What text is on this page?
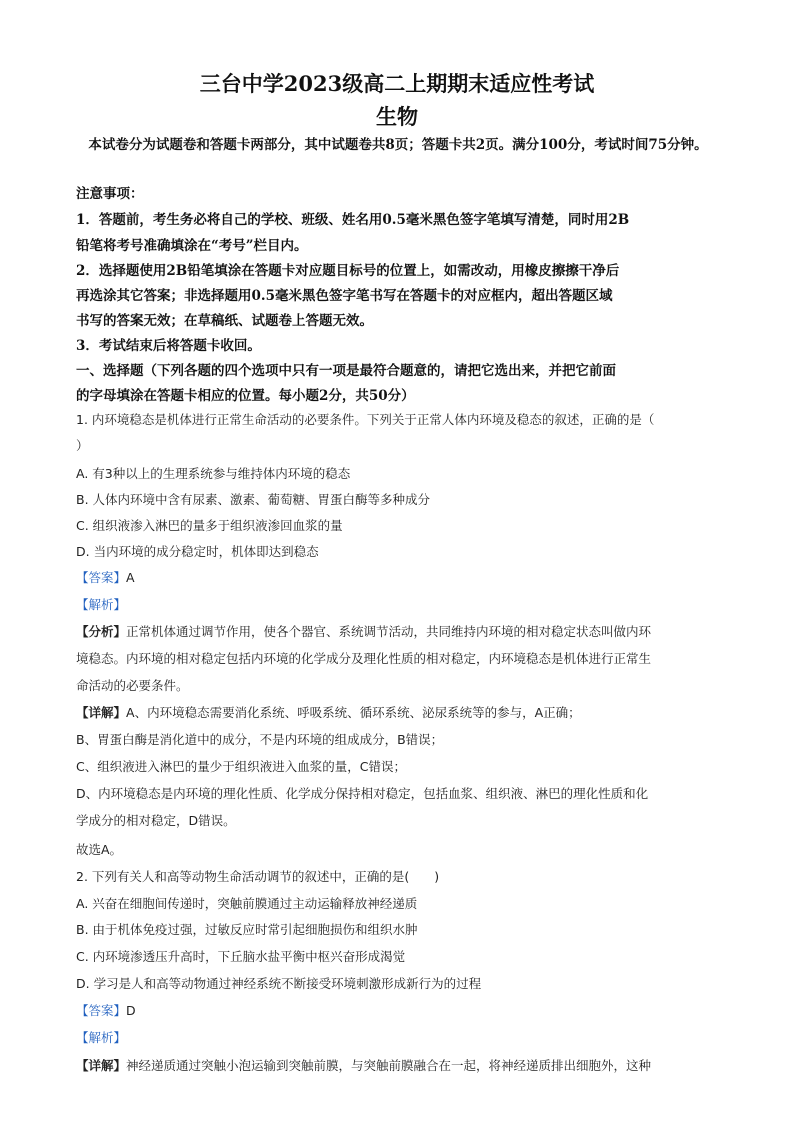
三台中学2023级高二上期期末适应性考试
生物
本试卷分为试题卷和答题卡两部分，其中试题卷共8页；答题卡共2页。满分100分，考试时间75分钟。
注意事项：
1．答题前，考生务必将自己的学校、班级、姓名用0.5毫米黑色签字笔填写清楚，同时用2B
铅笔将考号准确填涂在“考号”栏目内。
2．选择题使用2B铅笔填涂在答题卡对应题目标号的位置上，如需改动，用橡皮擦擦干净后
再选涂其它答案；非选择题用0.5毫米黑色签字笔书写在答题卡的对应框内，超出答题区域
书写的答案无效；在草稿纸、试题卷上答题无效。
3．考试结束后将答题卡收回。
一、选择题（下列各题的四个选项中只有一项是最符合题意的，请把它选出来，并把它前面
的字母填涂在答题卡相应的位置。每小题2分，共50分）
1. 内环境稳态是机体进行正常生命活动的必要条件。下列关于正常人体内环境及稳态的叙述，正确的是（
）
A. 有3种以上的生理系统参与维持体内环境的稳态
B. 人体内环境中含有尿素、激素、葡萄糖、胃蛋白酶等多种成分
C. 组织液渗入淋巴的量多于组织液渗回血浆的量
D. 当内环境的成分稳定时，机体即达到稳态
【答案】A
【解析】
【分析】正常机体通过调节作用，使各个器官、系统调节活动，共同维持内环境的相对稳定状态叫做内环
境稳态。内环境的相对稳定包括内环境的化学成分及理化性质的相对稳定，内环境稳态是机体进行正常生
命活动的必要条件。
【详解】A、内环境稳态需要消化系统、呼吸系统、循环系统、泌尿系统等的参与，A正确；
B、胃蛋白酶是消化道中的成分，不是内环境的组成成分，B错误；
C、组织液进入淋巴的量少于组织液进入血浆的量，C错误；
D、内环境稳态是内环境的理化性质、化学成分保持相对稳定，包括血浆、组织液、淋巴的理化性质和化
学成分的相对稳定，D错误。
故选A。
2. 下列有关人和高等动物生命活动调节的叙述中，正确的是(　　)
A. 兴奋在细胞间传递时，突触前膜通过主动运输释放神经递质
B. 由于机体免疫过强，过敏反应时常引起细胞损伤和组织水肿
C. 内环境渗透压升高时，下丘脑水盐平衡中枢兴奋形成渴觉
D. 学习是人和高等动物通过神经系统不断接受环境刺激形成新行为的过程
【答案】D
【解析】
【详解】神经递质通过突触小泡运输到突触前膜，与突触前膜融合在一起，将神经递质排出细胞外，这种
